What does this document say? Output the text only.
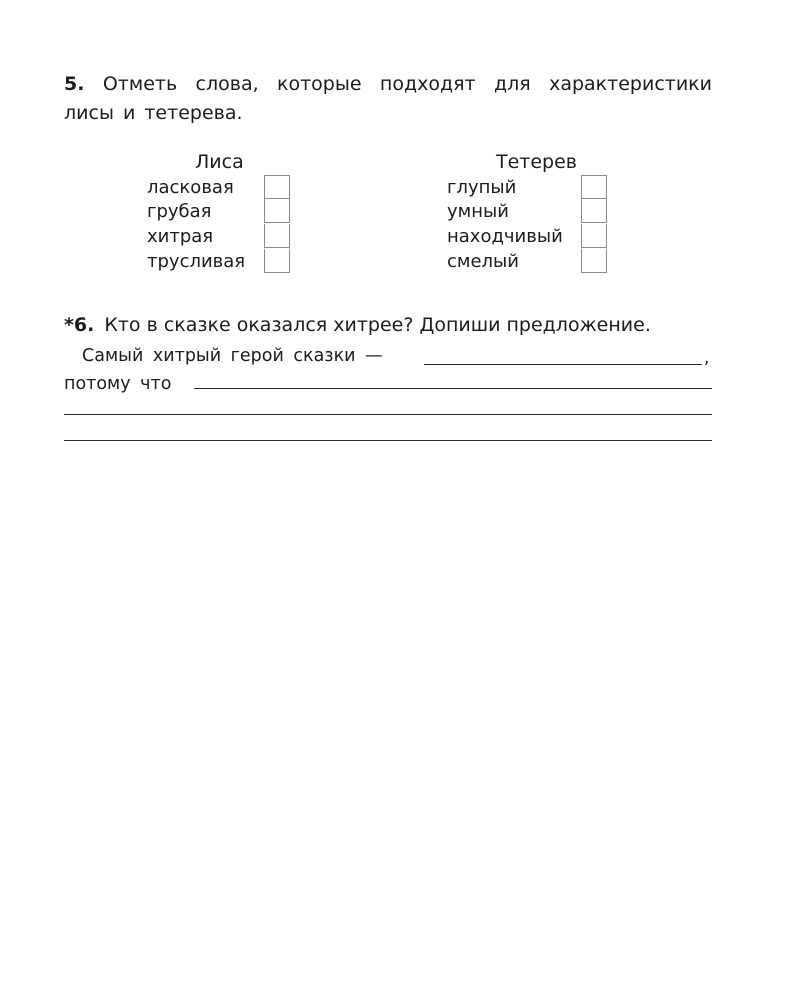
5. Отметь слова, которые подходят для характеристики лисы и тетерева.
Лиса
ласковая
грубая
хитрая
трусливая
Тетерев
глупый
умный
находчивый
смелый
*6. Кто в сказке оказался хитрее? Допиши предложение.
Самый хитрый герой сказки —	,
потому что
